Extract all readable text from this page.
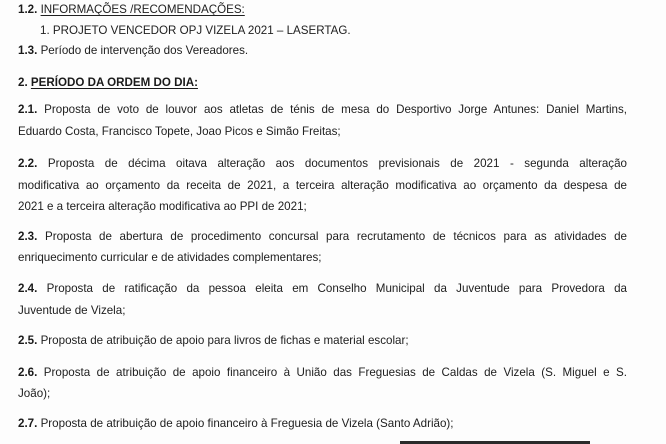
1.2. INFORMAÇÕES /RECOMENDAÇÕES:
1. PROJETO VENCEDOR OPJ VIZELA 2021 – LASERTAG.
1.3. Período de intervenção dos Vereadores.
2. PERÍODO DA ORDEM DO DIA:
2.1. Proposta de voto de louvor aos atletas de ténis de mesa do Desportivo Jorge Antunes: Daniel Martins,
Eduardo Costa, Francisco Topete, Joao Picos e Simão Freitas;
2.2. Proposta de décima oitava alteração aos documentos previsionais de 2021 - segunda alteração
modificativa ao orçamento da receita de 2021, a terceira alteração modificativa ao orçamento da despesa de
2021 e a terceira alteração modificativa ao PPI de 2021;
2.3. Proposta de abertura de procedimento concursal para recrutamento de técnicos para as atividades de
enriquecimento curricular e de atividades complementares;
2.4. Proposta de ratificação da pessoa eleita em Conselho Municipal da Juventude para Provedora da
Juventude de Vizela;
2.5. Proposta de atribuição de apoio para livros de fichas e material escolar;
2.6. Proposta de atribuição de apoio financeiro à União das Freguesias de Caldas de Vizela (S. Miguel e S.
João);
2.7. Proposta de atribuição de apoio financeiro à Freguesia de Vizela (Santo Adrião);
